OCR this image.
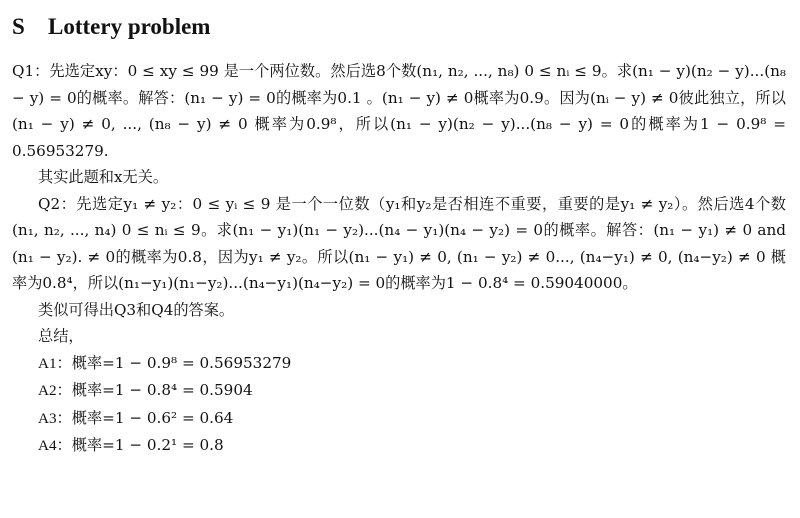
S Lottery problem

Q1：先选定xy：0 ≤ xy ≤ 99 是一个两位数。然后选8个数(n₁, n₂, ..., n₈) 0 ≤ nᵢ ≤ 9。求(n₁ − y)(n₂ − y)...(n₈ − y) = 0的概率。解答：(n₁ − y) = 0的概率为0.1 。(n₁ − y) ≠ 0概率为0.9。因为(nᵢ − y) ≠ 0彼此独立，所以(n₁ − y) ≠ 0, ..., (n₈ − y) ≠ 0 概率为0.9⁸，所以(n₁ − y)(n₂ − y)...(n₈ − y) = 0的概率为1 − 0.9⁸ = 0.56953279.

其实此题和x无关。

Q2：先选定y₁ ≠ y₂：0 ≤ yᵢ ≤ 9 是一个一位数（y₁和y₂是否相连不重要，重要的是y₁ ≠ y₂）。然后选4个数(n₁, n₂, ..., n₄) 0 ≤ nᵢ ≤ 9。求(n₁ − y₁)(n₁ − y₂)...(n₄ − y₁)(n₄ − y₂) = 0的概率。解答：(n₁ − y₁) ≠ 0 and (n₁ − y₂). ≠ 0的概率为0.8，因为y₁ ≠ y₂。所以(n₁ − y₁) ≠ 0, (n₁ − y₂) ≠ 0..., (n₄−y₁) ≠ 0, (n₄−y₂) ≠ 0 概率为0.8⁴，所以(n₁−y₁)(n₁−y₂)...(n₄−y₁)(n₄−y₂) = 0的概率为1 − 0.8⁴ = 0.59040000。

类似可得出Q3和Q4的答案。

总结，

A1：概率=1 − 0.9⁸ = 0.56953279

A2：概率=1 − 0.8⁴ = 0.5904

A3：概率=1 − 0.6² = 0.64

A4：概率=1 − 0.2¹ = 0.8
